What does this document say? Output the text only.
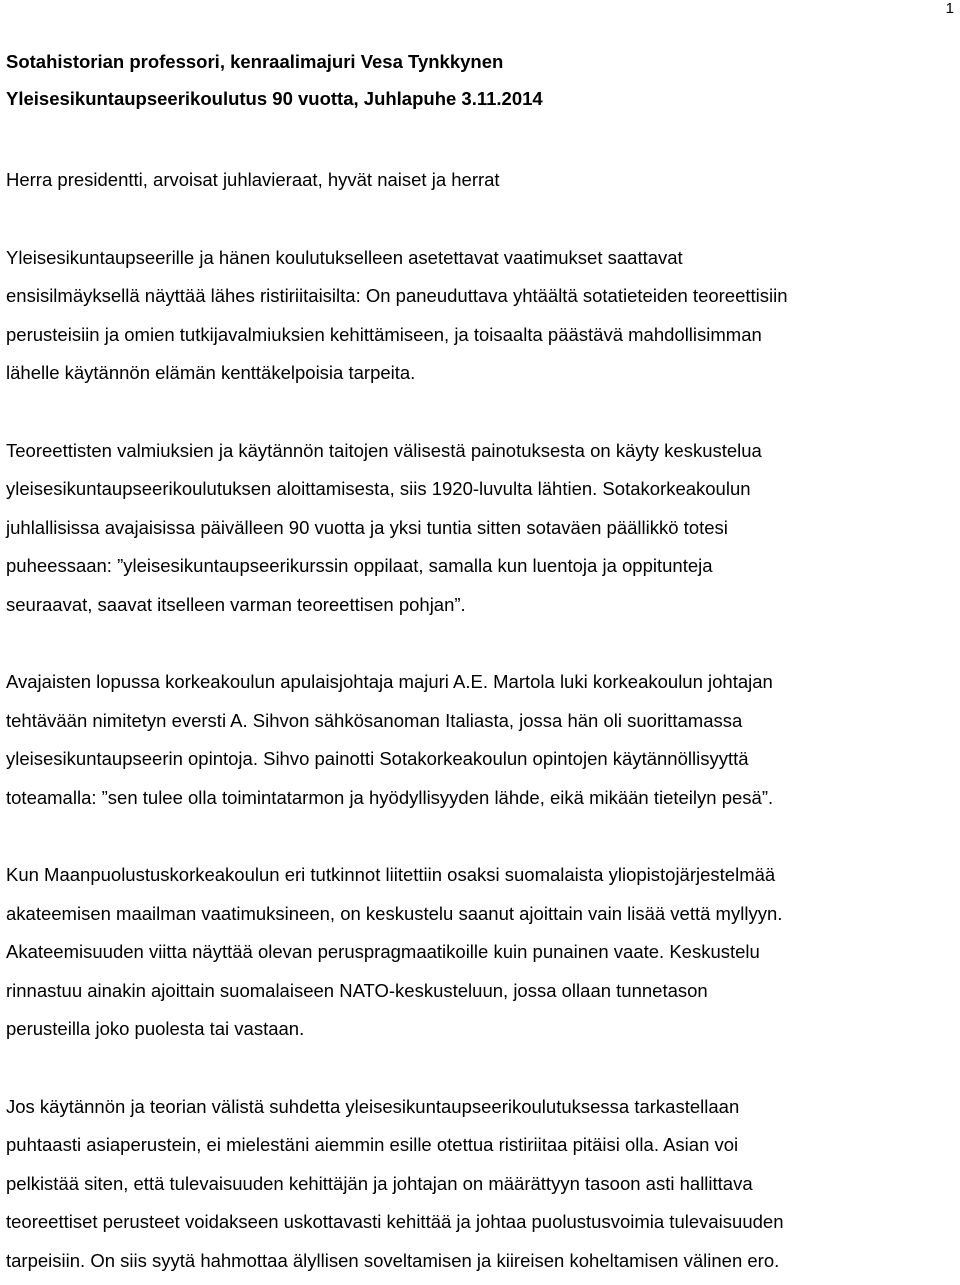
1

Sotahistorian professori, kenraalimajuri Vesa Tynkkynen

Yleisesikuntaupseerikoulutus 90 vuotta, Juhlapuhe 3.11.2014

Herra presidentti, arvoisat juhlavieraat, hyvät naiset ja herrat

Yleisesikuntaupseerille ja hänen koulutukselleen asetettavat vaatimukset saattavat
ensisilmäyksellä näyttää lähes ristiriitaisilta: On paneuduttava yhtäältä sotatieteiden teoreettisiin
perusteisiin ja omien tutkijavalmiuksien kehittämiseen, ja toisaalta päästävä mahdollisimman
lähelle käytännön elämän kenttäkelpoisia tarpeita.

Teoreettisten valmiuksien ja käytännön taitojen välisestä painotuksesta on käyty keskustelua
yleisesikuntaupseerikoulutuksen aloittamisesta, siis 1920-luvulta lähtien. Sotakorkeakoulun
juhlallisissa avajaisissa päivälleen 90 vuotta ja yksi tuntia sitten sotaväen päällikkö totesi
puheessaan: ”yleisesikuntaupseerikurssin oppilaat, samalla kun luentoja ja oppitunteja
seuraavat, saavat itselleen varman teoreettisen pohjan”.

Avajaisten lopussa korkeakoulun apulaisjohtaja majuri A.E. Martola luki korkeakoulun johtajan
tehtävään nimitetyn eversti A. Sihvon sähkösanoman Italiasta, jossa hän oli suorittamassa
yleisesikuntaupseerin opintoja. Sihvo painotti Sotakorkeakoulun opintojen käytännöllisyyttä
toteamalla: ”sen tulee olla toimintatarmon ja hyödyllisyyden lähde, eikä mikään tieteilyn pesä”.

Kun Maanpuolustuskorkeakoulun eri tutkinnot liitettiin osaksi suomalaista yliopistojärjestelmää
akateemisen maailman vaatimuksineen, on keskustelu saanut ajoittain vain lisää vettä myllyyn.
Akateemisuuden viitta näyttää olevan peruspragmaatikoille kuin punainen vaate. Keskustelu
rinnastuu ainakin ajoittain suomalaiseen NATO-keskusteluun, jossa ollaan tunnetason
perusteilla joko puolesta tai vastaan.

Jos käytännön ja teorian välistä suhdetta yleisesikuntaupseerikoulutuksessa tarkastellaan
puhtaasti asiaperustein, ei mielestäni aiemmin esille otettua ristiriitaa pitäisi olla. Asian voi
pelkistää siten, että tulevaisuuden kehittäjän ja johtajan on määrättyyn tasoon asti hallittava
teoreettiset perusteet voidakseen uskottavasti kehittää ja johtaa puolustusvoimia tulevaisuuden
tarpeisiin. On siis syytä hahmottaa älyllisen soveltamisen ja kiireisen koheltamisen välinen ero.
